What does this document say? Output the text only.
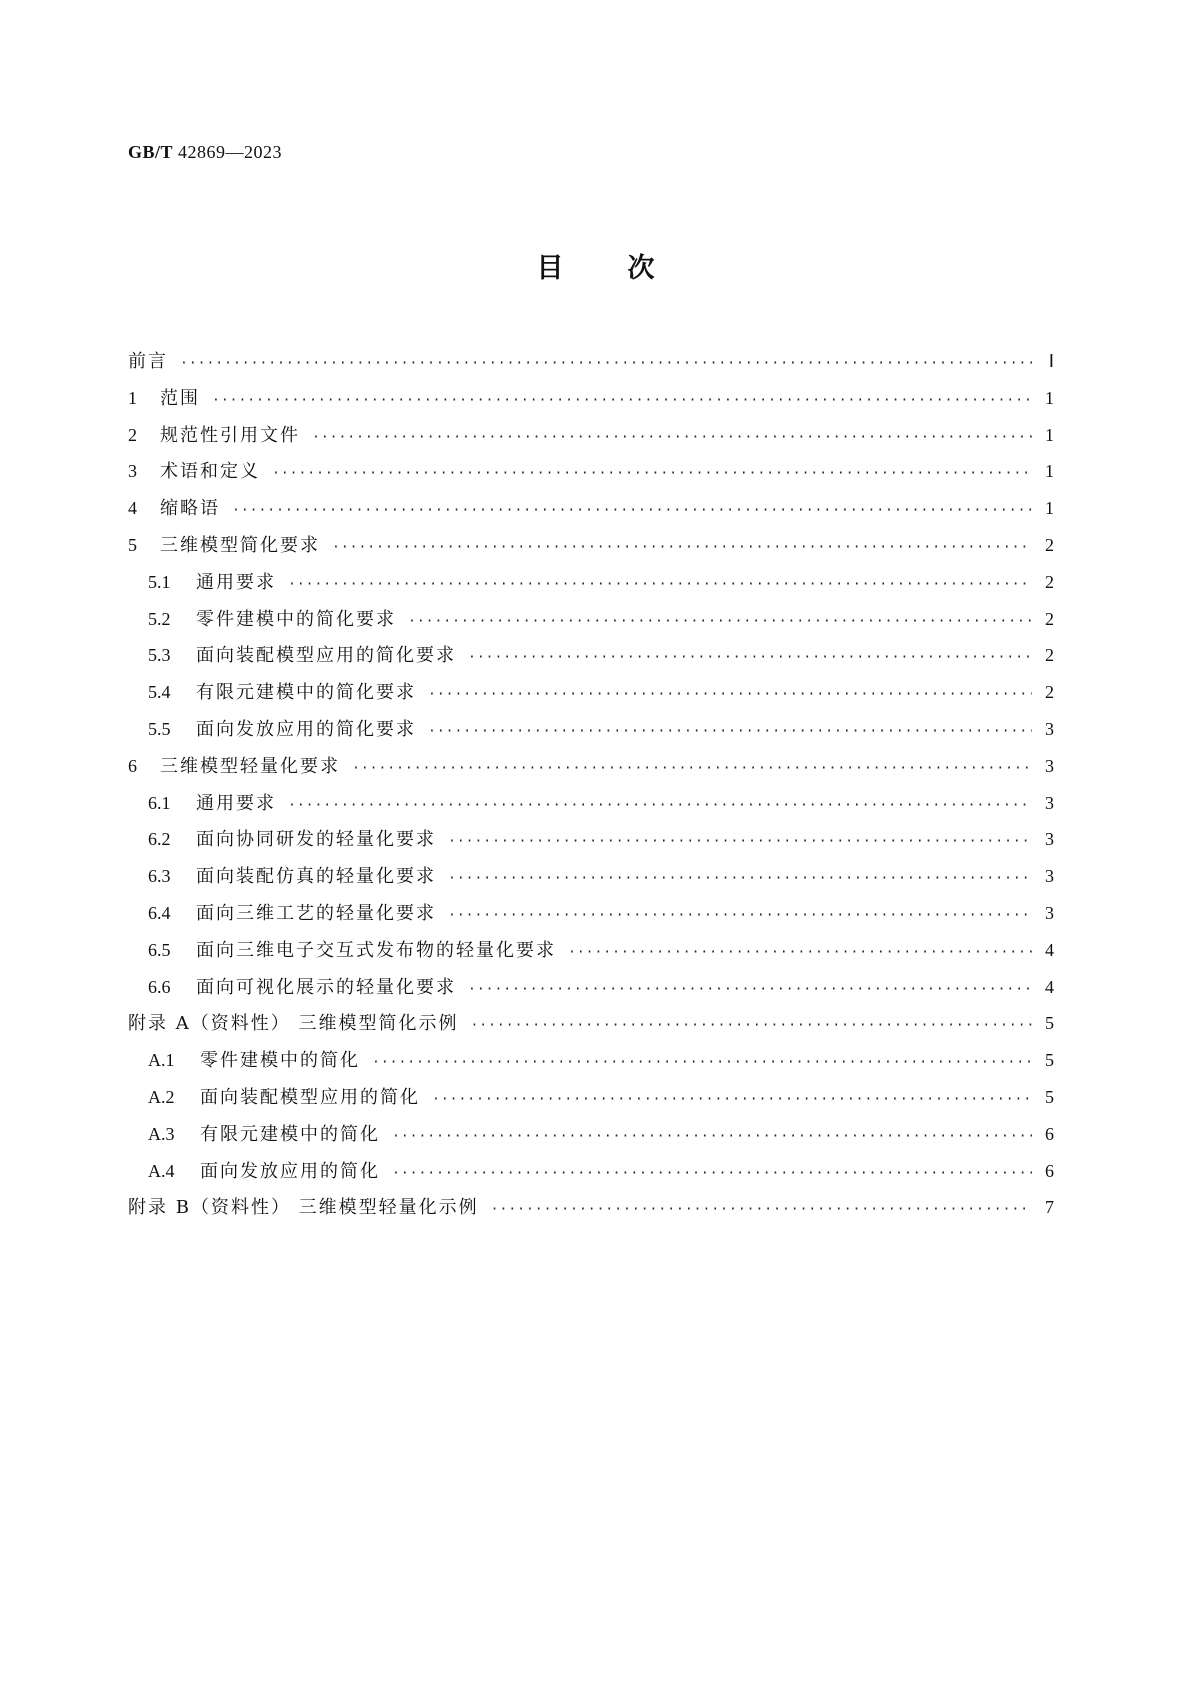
GB/T 42869—2023
目 次
前言 ·····	Ⅰ
1	范围 ·····	1
2	规范性引用文件 ·····	1
3	术语和定义 ·····	1
4	缩略语 ·····	1
5	三维模型简化要求 ·····	2
5.1	通用要求 ·····	2
5.2	零件建模中的简化要求 ·····	2
5.3	面向装配模型应用的简化要求 ·····	2
5.4	有限元建模中的简化要求 ·····	2
5.5	面向发放应用的简化要求 ·····	3
6	三维模型轻量化要求 ·····	3
6.1	通用要求 ·····	3
6.2	面向协同研发的轻量化要求 ·····	3
6.3	面向装配仿真的轻量化要求 ·····	3
6.4	面向三维工艺的轻量化要求 ·····	3
6.5	面向三维电子交互式发布物的轻量化要求 ·····	4
6.6	面向可视化展示的轻量化要求 ·····	4
附录 A（资料性） 三维模型简化示例 ·····	5
A.1	零件建模中的简化 ·····	5
A.2	面向装配模型应用的简化 ·····	5
A.3	有限元建模中的简化 ·····	6
A.4	面向发放应用的简化 ·····	6
附录 B（资料性） 三维模型轻量化示例 ·····	7
